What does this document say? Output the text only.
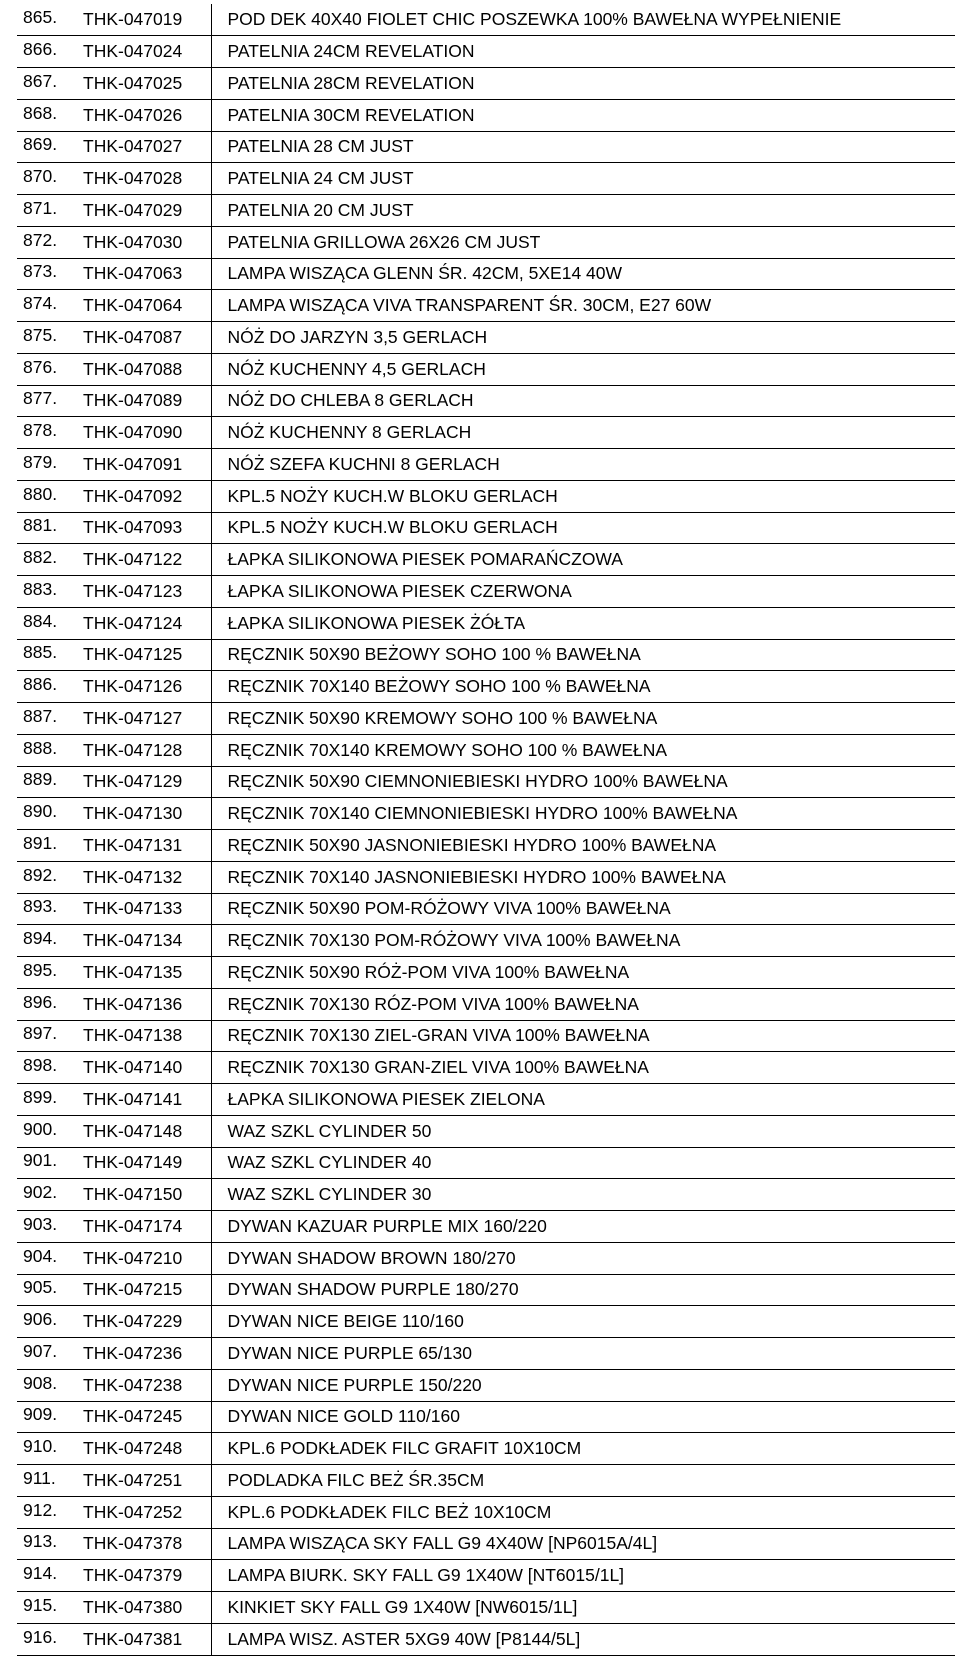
865.	THK-047019	POD DEK 40X40 FIOLET CHIC POSZEWKA 100% BAWEŁNA WYPEŁNIENIE
866.	THK-047024	PATELNIA 24CM REVELATION
867.	THK-047025	PATELNIA 28CM REVELATION
868.	THK-047026	PATELNIA 30CM REVELATION
869.	THK-047027	PATELNIA 28 CM JUST
870.	THK-047028	PATELNIA 24 CM JUST
871.	THK-047029	PATELNIA 20 CM JUST
872.	THK-047030	PATELNIA GRILLOWA 26X26 CM JUST
873.	THK-047063	LAMPA WISZĄCA GLENN ŚR. 42CM, 5XE14 40W
874.	THK-047064	LAMPA WISZĄCA VIVA TRANSPARENT ŚR. 30CM, E27 60W
875.	THK-047087	NÓŻ DO JARZYN 3,5 GERLACH
876.	THK-047088	NÓŻ KUCHENNY 4,5 GERLACH
877.	THK-047089	NÓŻ DO CHLEBA 8 GERLACH
878.	THK-047090	NÓŻ KUCHENNY 8 GERLACH
879.	THK-047091	NÓŻ SZEFA KUCHNI 8 GERLACH
880.	THK-047092	KPL.5 NOŻY KUCH.W BLOKU GERLACH
881.	THK-047093	KPL.5 NOŻY KUCH.W BLOKU GERLACH
882.	THK-047122	ŁAPKA SILIKONOWA PIESEK POMARAŃCZOWA
883.	THK-047123	ŁAPKA SILIKONOWA PIESEK CZERWONA
884.	THK-047124	ŁAPKA SILIKONOWA PIESEK ŻÓŁTA
885.	THK-047125	RĘCZNIK 50X90 BEŻOWY SOHO 100 % BAWEŁNA
886.	THK-047126	RĘCZNIK 70X140 BEŻOWY SOHO 100 % BAWEŁNA
887.	THK-047127	RĘCZNIK 50X90 KREMOWY SOHO 100 % BAWEŁNA
888.	THK-047128	RĘCZNIK 70X140 KREMOWY SOHO 100 % BAWEŁNA
889.	THK-047129	RĘCZNIK 50X90 CIEMNONIEBIESKI HYDRO 100% BAWEŁNA
890.	THK-047130	RĘCZNIK 70X140 CIEMNONIEBIESKI HYDRO 100% BAWEŁNA
891.	THK-047131	RĘCZNIK 50X90 JASNONIEBIESKI HYDRO 100% BAWEŁNA
892.	THK-047132	RĘCZNIK 70X140 JASNONIEBIESKI HYDRO 100% BAWEŁNA
893.	THK-047133	RĘCZNIK 50X90 POM-RÓŻOWY VIVA 100% BAWEŁNA
894.	THK-047134	RĘCZNIK 70X130 POM-RÓŻOWY VIVA 100% BAWEŁNA
895.	THK-047135	RĘCZNIK 50X90 RÓŻ-POM VIVA 100% BAWEŁNA
896.	THK-047136	RĘCZNIK 70X130 RÓZ-POM VIVA 100% BAWEŁNA
897.	THK-047138	RĘCZNIK 70X130 ZIEL-GRAN VIVA 100% BAWEŁNA
898.	THK-047140	RĘCZNIK 70X130 GRAN-ZIEL VIVA 100% BAWEŁNA
899.	THK-047141	ŁAPKA SILIKONOWA PIESEK ZIELONA
900.	THK-047148	WAZ SZKL CYLINDER 50
901.	THK-047149	WAZ SZKL CYLINDER 40
902.	THK-047150	WAZ SZKL CYLINDER 30
903.	THK-047174	DYWAN KAZUAR PURPLE MIX 160/220
904.	THK-047210	DYWAN SHADOW BROWN 180/270
905.	THK-047215	DYWAN SHADOW PURPLE 180/270
906.	THK-047229	DYWAN NICE BEIGE 110/160
907.	THK-047236	DYWAN NICE PURPLE 65/130
908.	THK-047238	DYWAN NICE PURPLE 150/220
909.	THK-047245	DYWAN NICE GOLD 110/160
910.	THK-047248	KPL.6 PODKŁADEK FILC GRAFIT 10X10CM
911.	THK-047251	PODLADKA FILC BEŻ ŚR.35CM
912.	THK-047252	KPL.6 PODKŁADEK FILC BEŻ 10X10CM
913.	THK-047378	LAMPA WISZĄCA SKY FALL G9 4X40W [NP6015A/4L]
914.	THK-047379	LAMPA BIURK. SKY FALL G9 1X40W [NT6015/1L]
915.	THK-047380	KINKIET SKY FALL G9 1X40W [NW6015/1L]
916.	THK-047381	LAMPA WISZ. ASTER 5XG9 40W [P8144/5L]
